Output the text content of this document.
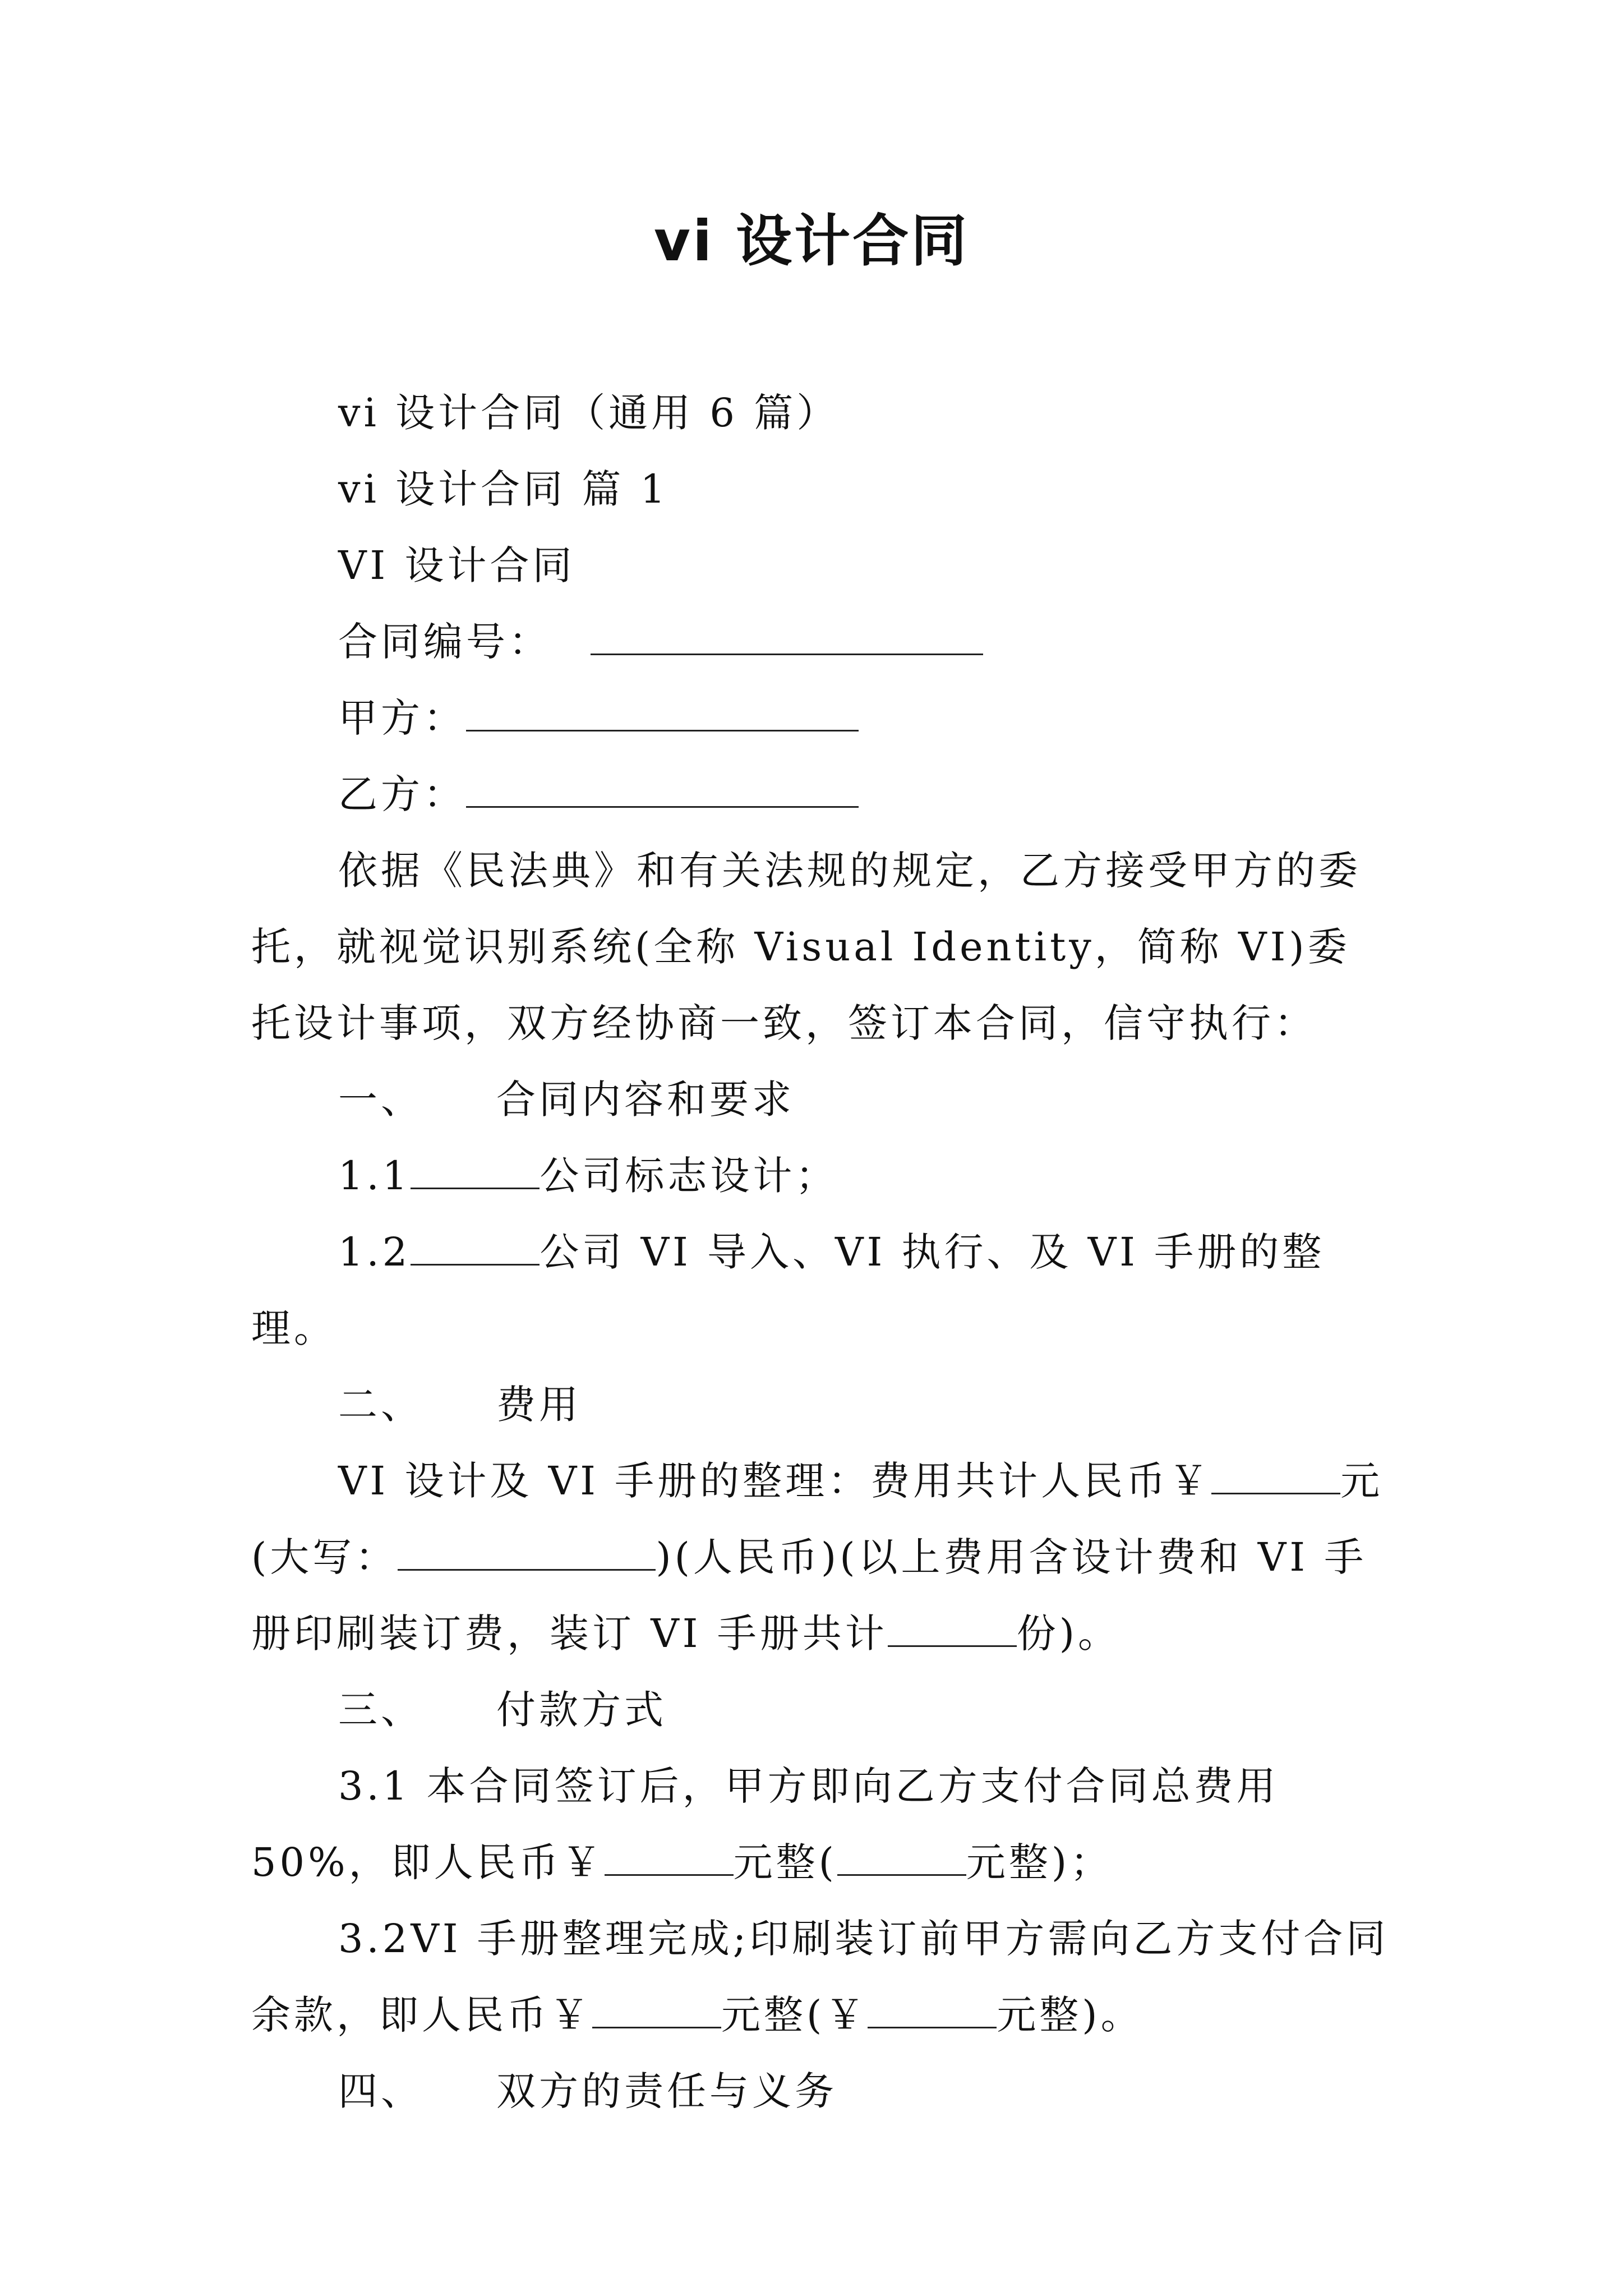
vi 设计合同

vi 设计合同（通用 6 篇）

vi 设计合同 篇 1

VI 设计合同

合同编号：

甲方：

乙方：

依据《民法典》和有关法规的规定，乙方接受甲方的委托，就视觉识别系统(全称 Visual Identity，简称 VI)委托设计事项，双方经协商一致，签订本合同，信守执行：

一、 合同内容和要求

1.1	公司标志设计；

1.2	公司 VI 导入、VI 执行、及 VI 手册的整理。

二、 费用

VI 设计及 VI 手册的整理：费用共计人民币￥	元(大写：	)(人民币)(以上费用含设计费和 VI 手册印刷装订费，装订 VI 手册共计	份)。

三、 付款方式

3.1 本合同签订后，甲方即向乙方支付合同总费用 50%，即人民币￥	元整(	元整)；

3.2VI 手册整理完成;印刷装订前甲方需向乙方支付合同余款，即人民币￥	元整(￥	元整)。

四、 双方的责任与义务
